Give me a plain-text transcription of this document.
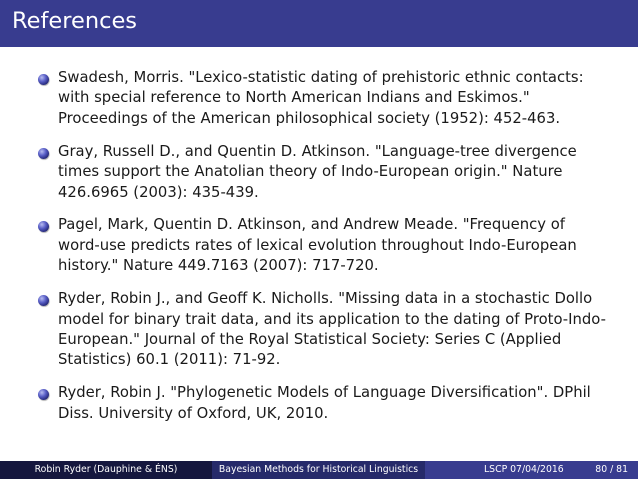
References
Swadesh, Morris. "Lexico-statistic dating of prehistoric ethnic contacts: with special reference to North American Indians and Eskimos." Proceedings of the American philosophical society (1952): 452-463.
Gray, Russell D., and Quentin D. Atkinson. "Language-tree divergence times support the Anatolian theory of Indo-European origin." Nature 426.6965 (2003): 435-439.
Pagel, Mark, Quentin D. Atkinson, and Andrew Meade. "Frequency of word-use predicts rates of lexical evolution throughout Indo-European history." Nature 449.7163 (2007): 717-720.
Ryder, Robin J., and Geoff K. Nicholls. "Missing data in a stochastic Dollo model for binary trait data, and its application to the dating of Proto-Indo-European." Journal of the Royal Statistical Society: Series C (Applied Statistics) 60.1 (2011): 71-92.
Ryder, Robin J. "Phylogenetic Models of Language Diversification". DPhil Diss. University of Oxford, UK, 2010.
Robin Ryder (Dauphine & ÉNS)	Bayesian Methods for Historical Linguistics	LSCP 07/04/2016	80 / 81
